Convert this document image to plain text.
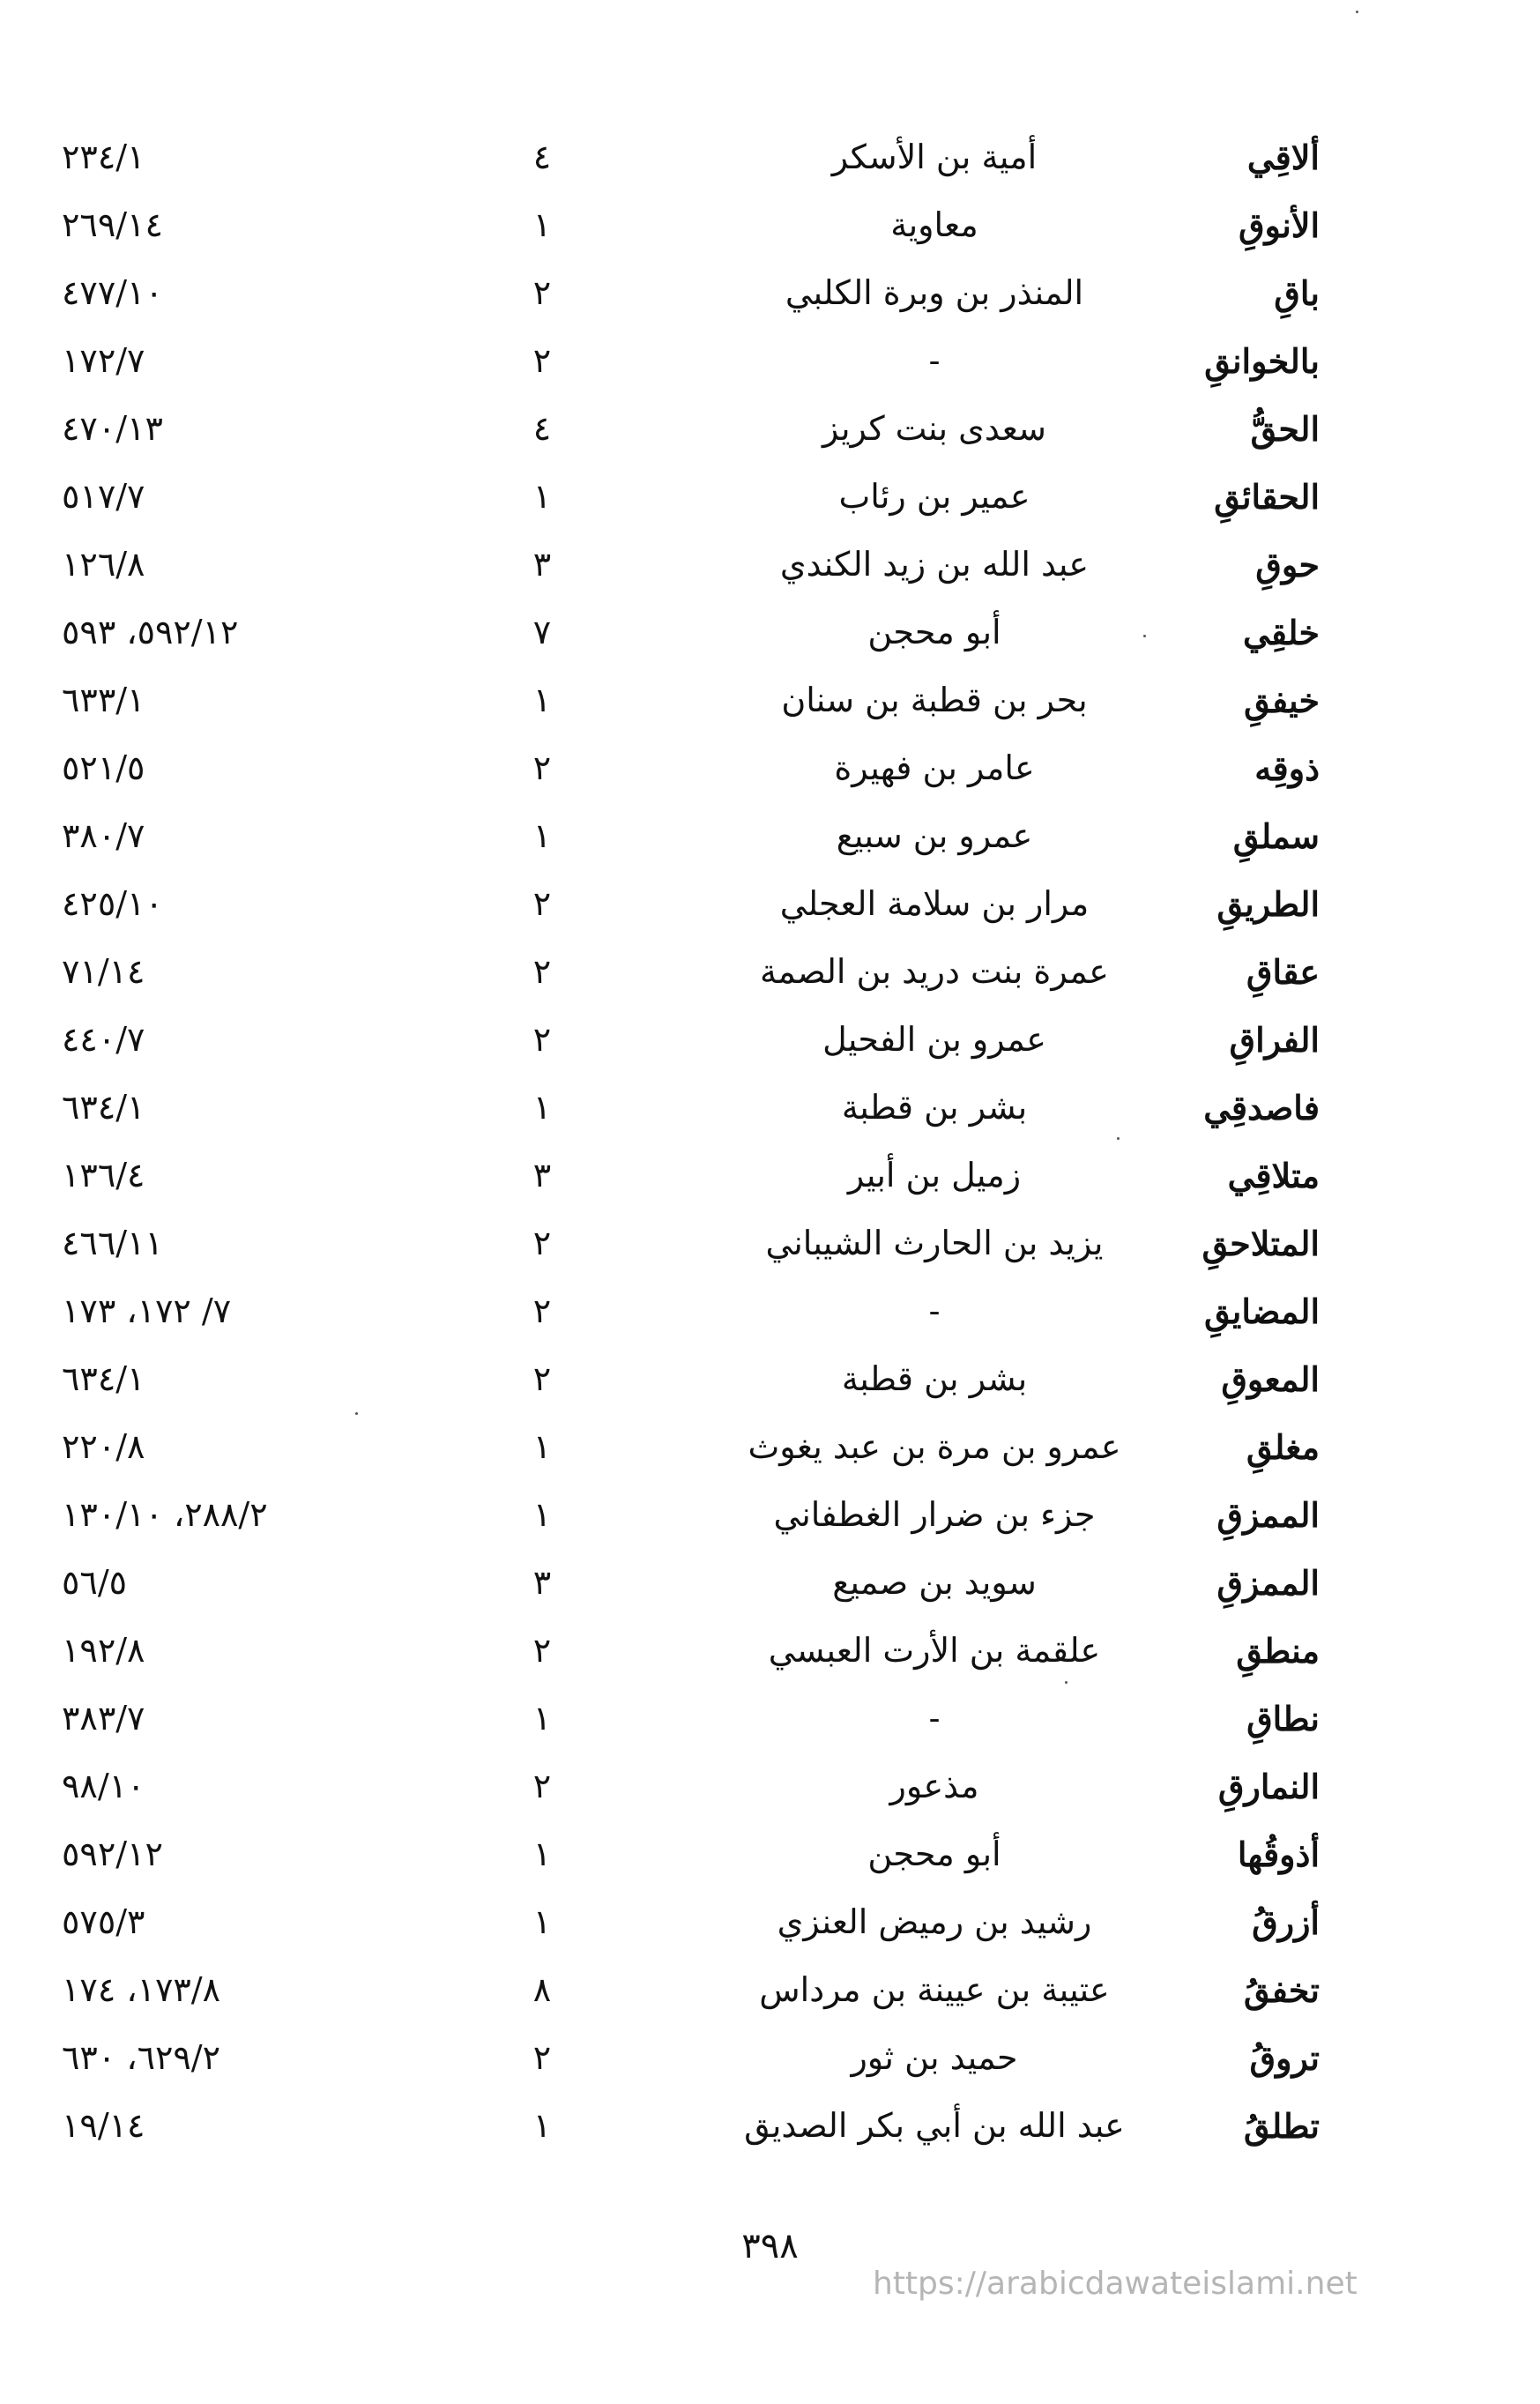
ألاقِي
أمية بن الأسكر
٤
٢٣٤/١
الأنوقِ
معاوية
١
٢٦٩/١٤
باقِ
المنذر بن وبرة الكلبي
٢
٤٧٧/١٠
بالخوانقِ
-
٢
١٧٢/٧
الحقُّ
سعدى بنت كريز
٤
٤٧٠/١٣
الحقائقِ
عمير بن رئاب
١
٥١٧/٧
حوقِ
عبد الله بن زيد الكندي
٣
١٢٦/٨
خلقِي
أبو محجن
٧
٥٩٢/١٢، ٥٩٣
خيفقِ
بحر بن قطبة بن سنان
١
٦٣٣/١
ذوقِه
عامر بن فهيرة
٢
٥٢١/٥
سملقِ
عمرو بن سبيع
١
٣٨٠/٧
الطريقِ
مرار بن سلامة العجلي
٢
٤٢٥/١٠
عقاقِ
عمرة بنت دريد بن الصمة
٢
٧١/١٤
الفراقِ
عمرو بن الفحيل
٢
٤٤٠/٧
فاصدقِي
بشر بن قطبة
١
٦٣٤/١
متلاقِي
زميل بن أبير
٣
١٣٦/٤
المتلاحقِ
يزيد بن الحارث الشيباني
٢
٤٦٦/١١
المضايقِ
-
٢
٧/ ١٧٢، ١٧٣
المعوقِ
بشر بن قطبة
٢
٦٣٤/١
مغلقِ
عمرو بن مرة بن عبد يغوث
١
٢٢٠/٨
الممزقِ
جزء بن ضرار الغطفاني
١
٢٨٨/٢، ١٣٠/١٠
الممزقِ
سويد بن صميع
٣
٥٦/٥
منطقِ
علقمة بن الأرت العبسي
٢
١٩٢/٨
نطاقِ
-
١
٣٨٣/٧
النمارقِ
مذعور
٢
٩٨/١٠
أذوقُها
أبو محجن
١
٥٩٢/١٢
أزرقُ
رشيد بن رميض العنزي
١
٥٧٥/٣
تخفقُ
عتيبة بن عيينة بن مرداس
٨
١٧٣/٨، ١٧٤
تروقُ
حميد بن ثور
٢
٦٢٩/٢، ٦٣٠
تطلقُ
عبد الله بن أبي بكر الصديق
١
١٩/١٤
٣٩٨
https://arabicdawateislami.net
